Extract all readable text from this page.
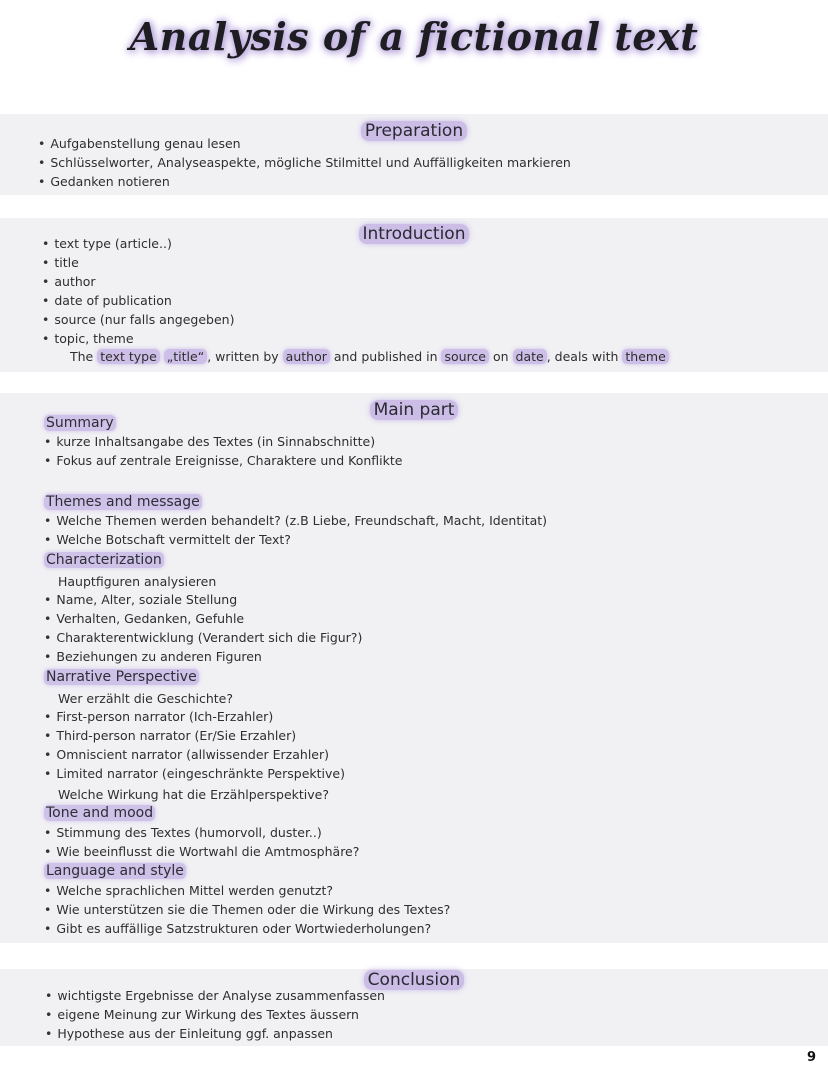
Analysis of a fictional text
Preparation
• Aufgabenstellung genau lesen
• Schlüsselworter, Analyseaspekte, mögliche Stilmittel und Auffälligkeiten markieren
• Gedanken notieren
Introduction
• text type (article..)
• title
• author
• date of publication
• source (nur falls angegeben)
• topic, theme
The text type „title“ , written by author and published in source on date , deals with theme
Main part
Summary
• kurze Inhaltsangabe des Textes (in Sinnabschnitte)
• Fokus auf zentrale Ereignisse, Charaktere und Konflikte
Themes and message
• Welche Themen werden behandelt? (z.B Liebe, Freundschaft, Macht, Identitat)
• Welche Botschaft vermittelt der Text?
Characterization
Hauptfiguren analysieren
• Name, Alter, soziale Stellung
• Verhalten, Gedanken, Gefuhle
• Charakterentwicklung (Verandert sich die Figur?)
• Beziehungen zu anderen Figuren
Narrative Perspective
Wer erzählt die Geschichte?
• First-person narrator (Ich-Erzahler)
• Third-person narrator (Er/Sie Erzahler)
• Omniscient narrator (allwissender Erzahler)
• Limited narrator (eingeschränkte Perspektive)
Welche Wirkung hat die Erzählperspektive?
Tone and mood
• Stimmung des Textes (humorvoll, duster..)
• Wie beeinflusst die Wortwahl die Amtmosphäre?
Language and style
• Welche sprachlichen Mittel werden genutzt?
• Wie unterstützen sie die Themen oder die Wirkung des Textes?
• Gibt es auffällige Satzstrukturen oder Wortwiederholungen?
Conclusion
• wichtigste Ergebnisse der Analyse zusammenfassen
• eigene Meinung zur Wirkung des Textes äussern
• Hypothese aus der Einleitung ggf. anpassen
9
